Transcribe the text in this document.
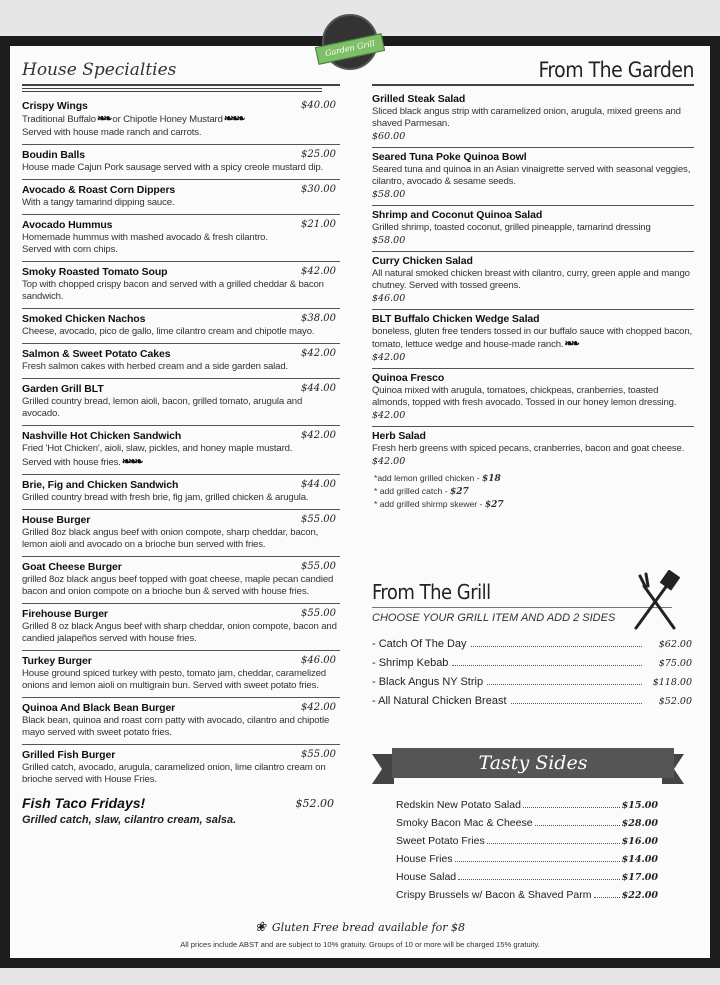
House Specialties
Crispy Wings	$40.00
Traditional Buffalo❧❧ or Chipotle Honey Mustard❧❧❧
Served with house made ranch and carrots.
Boudin Balls	$25.00
House made Cajun Pork sausage served with a spicy creole mustard dip.
Avocado & Roast Corn Dippers	$30.00
With a tangy tamarind dipping sauce.
Avocado Hummus	$21.00
Homemade hummus with mashed avocado & fresh cilantro.
Served with corn chips.
Smoky Roasted Tomato Soup	$42.00
Top with chopped crispy bacon and served with a grilled cheddar & bacon sandwich.
Smoked Chicken Nachos	$38.00
Cheese, avocado, pico de gallo, lime cilantro cream and chipotle mayo.
Salmon & Sweet Potato Cakes	$42.00
Fresh salmon cakes with herbed cream and a side garden salad.
Garden Grill BLT	$44.00
Grilled country bread, lemon aioli, bacon, grilled tomato, arugula and avocado.
Nashville Hot Chicken Sandwich	$42.00
Fried 'Hot Chicken', aioli, slaw, pickles, and honey maple mustard.
Served with house fries.❧❧❧
Brie, Fig and Chicken Sandwich	$44.00
Grilled country bread with fresh brie, fig jam, grilled chicken & arugula.
House Burger	$55.00
Grilled 8oz black angus beef with onion compote, sharp cheddar, bacon, lemon aioli and avocado on a brioche bun served with fries.
Goat Cheese Burger	$55.00
grilled 8oz black angus beef topped with goat cheese, maple pecan candied bacon and onion compote on a brioche bun & served with house fries.
Firehouse Burger	$55.00
Grilled 8 oz black Angus beef with sharp cheddar, onion compote, bacon and candied jalapeños served with house fries.
Turkey Burger	$46.00
House ground spiced turkey with pesto, tomato jam, cheddar, caramelized onions and lemon aioli on multigrain bun. Served with sweet potato fries.
Quinoa And Black Bean Burger	$42.00
Black bean, quinoa and roast corn patty with avocado, cilantro and chipotle mayo served with sweet potato fries.
Grilled Fish Burger	$55.00
Grilled catch, avocado, arugula, caramelized onion, lime cilantro cream on brioche served with House Fries.
Fish Taco Fridays!	$52.00
Grilled catch, slaw, cilantro cream, salsa.
Garden Grill
From The Garden
Grilled Steak Salad
Sliced black angus strip with caramelized onion, arugula, mixed greens and shaved Parmesan.
$60.00
Seared Tuna Poke Quinoa Bowl
Seared tuna and quinoa in an Asian vinaigrette served with seasonal veggies, cilantro, avocado & sesame seeds.
$58.00
Shrimp and Coconut Quinoa Salad
Grilled shrimp, toasted coconut, grilled pineapple, tamarind dressing
$58.00
Curry Chicken Salad
All natural smoked chicken breast with cilantro, curry, green apple and mango chutney. Served with tossed greens.
$46.00
BLT Buffalo Chicken Wedge Salad
boneless, gluten free tenders tossed in our buffalo sauce with chopped bacon, tomato, lettuce wedge and house-made ranch.❧❧
$42.00
Quinoa Fresco
Quinoa mixed with arugula, tomatoes, chickpeas, cranberries, toasted almonds, topped with fresh avocado. Tossed in our honey lemon dressing.
$42.00
Herb Salad
Fresh herb greens with spiced pecans, cranberries, bacon and goat cheese.
$42.00
*add lemon grilled chicken - $18
* add grilled catch - $27
* add grilled shirmp skewer - $27
From The Grill
CHOOSE YOUR GRILL ITEM AND ADD 2 SIDES
- Catch Of The Day	$62.00
- Shrimp Kebab	$75.00
- Black Angus NY Strip	$118.00
- All Natural Chicken Breast	$52.00
Tasty Sides
Redskin New Potato Salad	$15.00
Smoky Bacon Mac & Cheese	$28.00
Sweet Potato Fries	$16.00
House Fries	$14.00
House Salad	$17.00
Crispy Brussels w/ Bacon & Shaved Parm	$22.00
❀ Gluten Free bread available for $8
All prices include ABST and are subject to 10% gratuity. Groups of 10 or more will be charged 15% gratuity.
